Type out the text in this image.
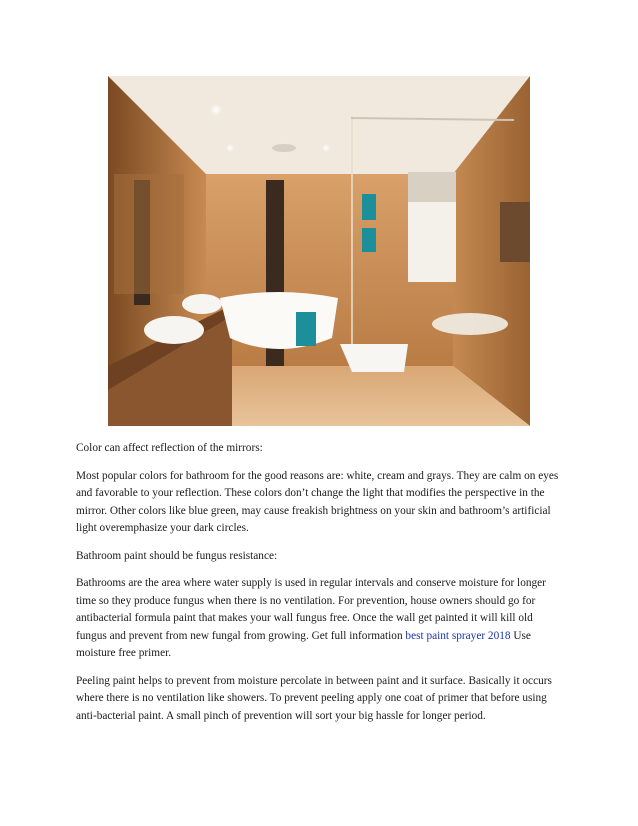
Color can affect reflection of the mirrors:

Most popular colors for bathroom for the good reasons are: white, cream and grays. They are calm on eyes and favorable to your reflection. These colors don’t change the light that modifies the perspective in the mirror. Other colors like blue green, may cause freakish brightness on your skin and bathroom’s artificial light overemphasize your dark circles.

Bathroom paint should be fungus resistance:

Bathrooms are the area where water supply is used in regular intervals and conserve moisture for longer time so they produce fungus when there is no ventilation. For prevention, house owners should go for antibacterial formula paint that makes your wall fungus free. Once the wall get painted it will kill old fungus and prevent from new fungal from growing. Get full information best paint sprayer 2018 Use moisture free primer.

Peeling paint helps to prevent from moisture percolate in between paint and it surface. Basically it occurs where there is no ventilation like showers. To prevent peeling apply one coat of primer that before using anti-bacterial paint. A small pinch of prevention will sort your big hassle for longer period.
